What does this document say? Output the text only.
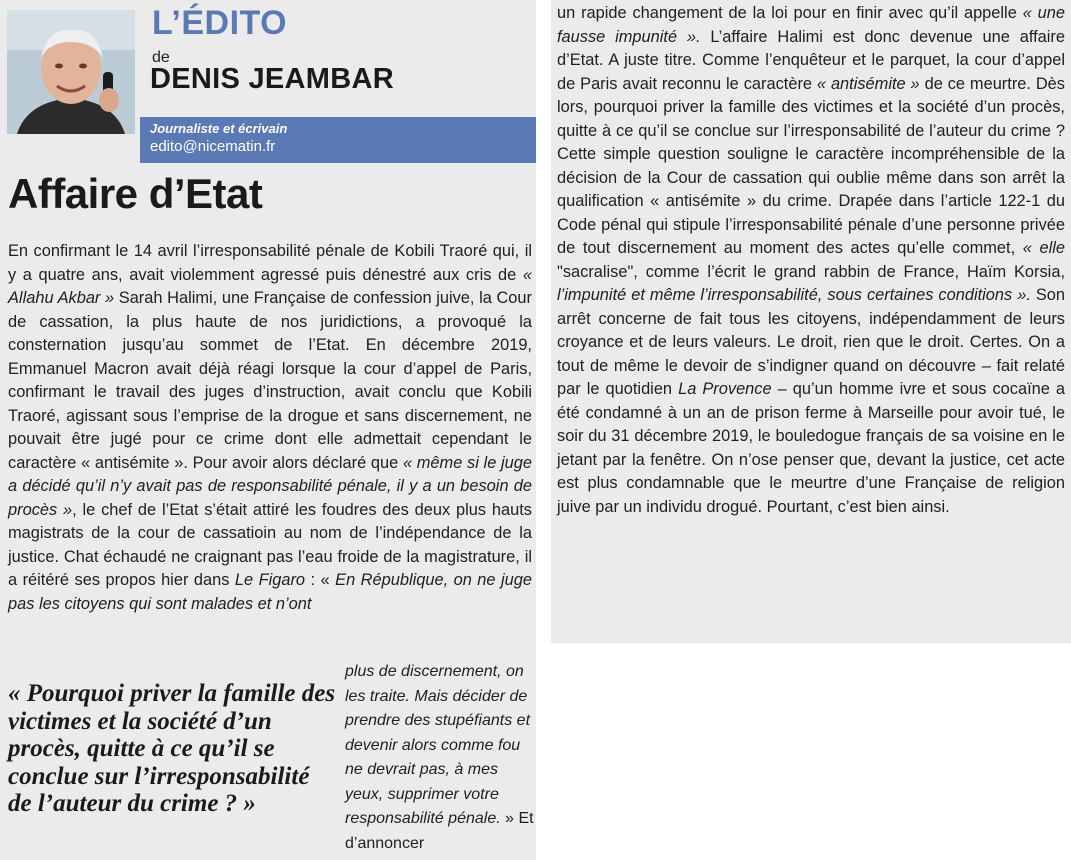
L’ÉDITO

de

DENIS JEAMBAR

Journaliste et écrivain
edito@nicematin.fr
Affaire d’Etat

En confirmant le 14 avril l’irresponsabilité pénale de Kobili Traoré qui, il y a quatre ans, avait violemment agressé puis dénestré aux cris de « Allahu Akbar » Sarah Halimi, une Française de confession juive, la Cour de cassation, la plus haute de nos juridictions, a provoqué la consternation jusqu’au sommet de l’Etat. En décembre 2019, Emmanuel Macron avait déjà réagi lorsque la cour d’appel de Paris, confirmant le travail des juges d’instruction, avait conclu que Kobili Traoré, agissant sous l’emprise de la drogue et sans discernement, ne pouvait être jugé pour ce crime dont elle admettait cependant le caractère « antisémite ». Pour avoir alors déclaré que « même si le juge a décidé qu’il n’y avait pas de responsabilité pénale, il y a un besoin de procès », le chef de l’Etat s’était attiré les foudres des deux plus hauts magistrats de la cour de cassatioin au nom de l’indépendance de la justice. Chat échaudé ne craignant pas l’eau froide de la magistrature, il a réitéré ses propos hier dans Le Figaro : « En République, on ne juge pas les citoyens qui sont malades et n’ont

« Pourquoi priver la famille des victimes et la société d’un procès, quitte à ce qu’il se conclue sur l’irresponsabilité de l’auteur du crime ? »

plus de discernement, on les traite. Mais décider de prendre des stupéfiants et devenir alors comme fou ne devrait pas, à mes yeux, supprimer votre responsabilité pénale. » Et d’annoncer

un rapide changement de la loi pour en finir avec qu’il appelle « une fausse impunité ». L’affaire Halimi est donc devenue une affaire d’Etat. A juste titre. Comme l’enquêteur et le parquet, la cour d’appel de Paris avait reconnu le caractère « antisémite » de ce meurtre. Dès lors, pourquoi priver la famille des victimes et la société d’un procès, quitte à ce qu’il se conclue sur l’irresponsabilité de l’auteur du crime ? Cette simple question souligne le caractère incompréhensible de la décision de la Cour de cassation qui oublie même dans son arrêt la qualification « antisémite » du crime. Drapée dans l’article 122-1 du Code pénal qui stipule l’irresponsabilité pénale d’une personne privée de tout discernement au moment des actes qu’elle commet, « elle "sacralise", comme l’écrit le grand rabbin de France, Haïm Korsia, l’impunité et même l’irresponsabilité, sous certaines conditions ». Son arrêt concerne de fait tous les citoyens, indépendamment de leurs croyance et de leurs valeurs. Le droit, rien que le droit. Certes. On a tout de même le devoir de s’indigner quand on découvre – fait relaté par le quotidien La Provence – qu’un homme ivre et sous cocaïne a été condamné à un an de prison ferme à Marseille pour avoir tué, le soir du 31 décembre 2019, le bouledogue français de sa voisine en le jetant par la fenêtre. On n’ose penser que, devant la justice, cet acte est plus condamnable que le meurtre d’une Française de religion juive par un individu drogué. Pourtant, c’est bien ainsi.
